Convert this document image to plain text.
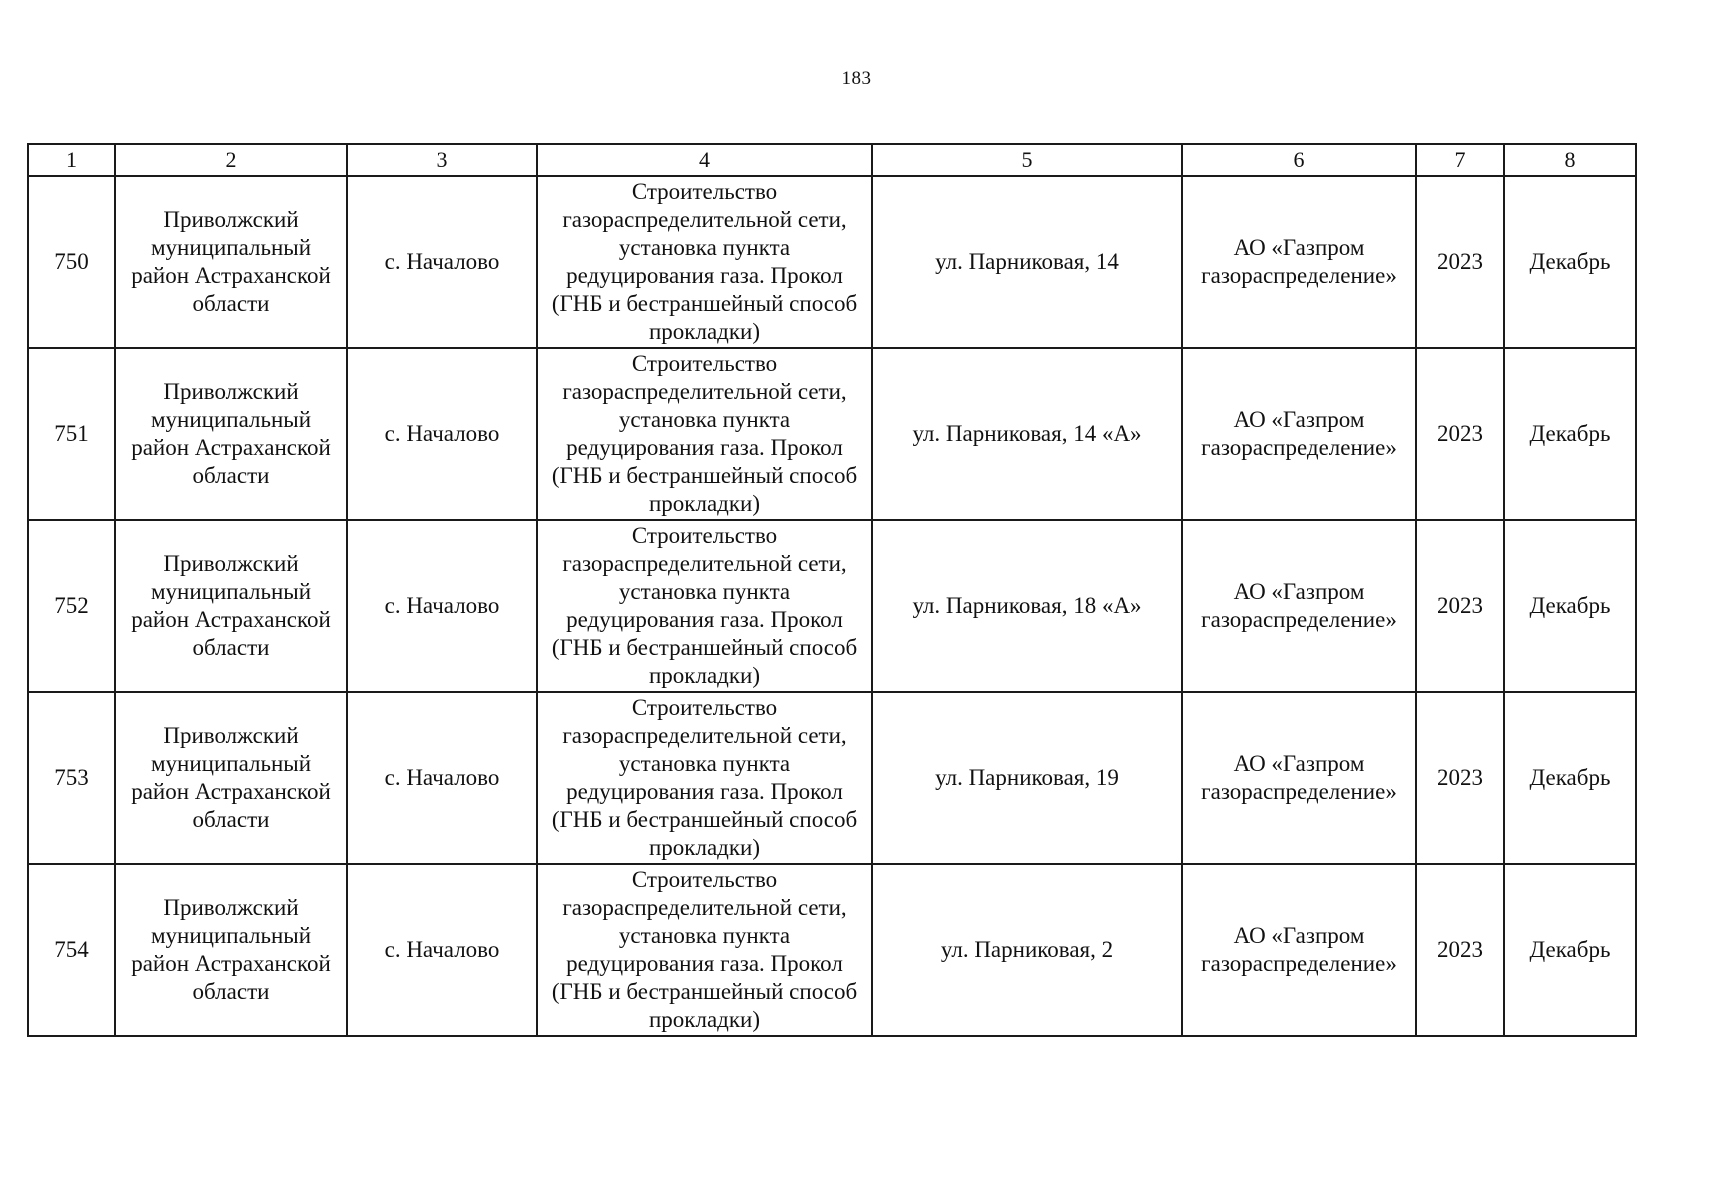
183
1	2	3	4	5	6	7	8
750	Приволжский муниципальный район Астраханской области	с. Началово	Строительство газораспределительной сети, установка пункта редуцирования газа. Прокол (ГНБ и бестраншейный способ прокладки)	ул. Парниковая, 14	АО «Газпром газораспределение»	2023	Декабрь
751	Приволжский муниципальный район Астраханской области	с. Началово	Строительство газораспределительной сети, установка пункта редуцирования газа. Прокол (ГНБ и бестраншейный способ прокладки)	ул. Парниковая, 14 «А»	АО «Газпром газораспределение»	2023	Декабрь
752	Приволжский муниципальный район Астраханской области	с. Началово	Строительство газораспределительной сети, установка пункта редуцирования газа. Прокол (ГНБ и бестраншейный способ прокладки)	ул. Парниковая, 18 «А»	АО «Газпром газораспределение»	2023	Декабрь
753	Приволжский муниципальный район Астраханской области	с. Началово	Строительство газораспределительной сети, установка пункта редуцирования газа. Прокол (ГНБ и бестраншейный способ прокладки)	ул. Парниковая, 19	АО «Газпром газораспределение»	2023	Декабрь
754	Приволжский муниципальный район Астраханской области	с. Началово	Строительство газораспределительной сети, установка пункта редуцирования газа. Прокол (ГНБ и бестраншейный способ прокладки)	ул. Парниковая, 2	АО «Газпром газораспределение»	2023	Декабрь
